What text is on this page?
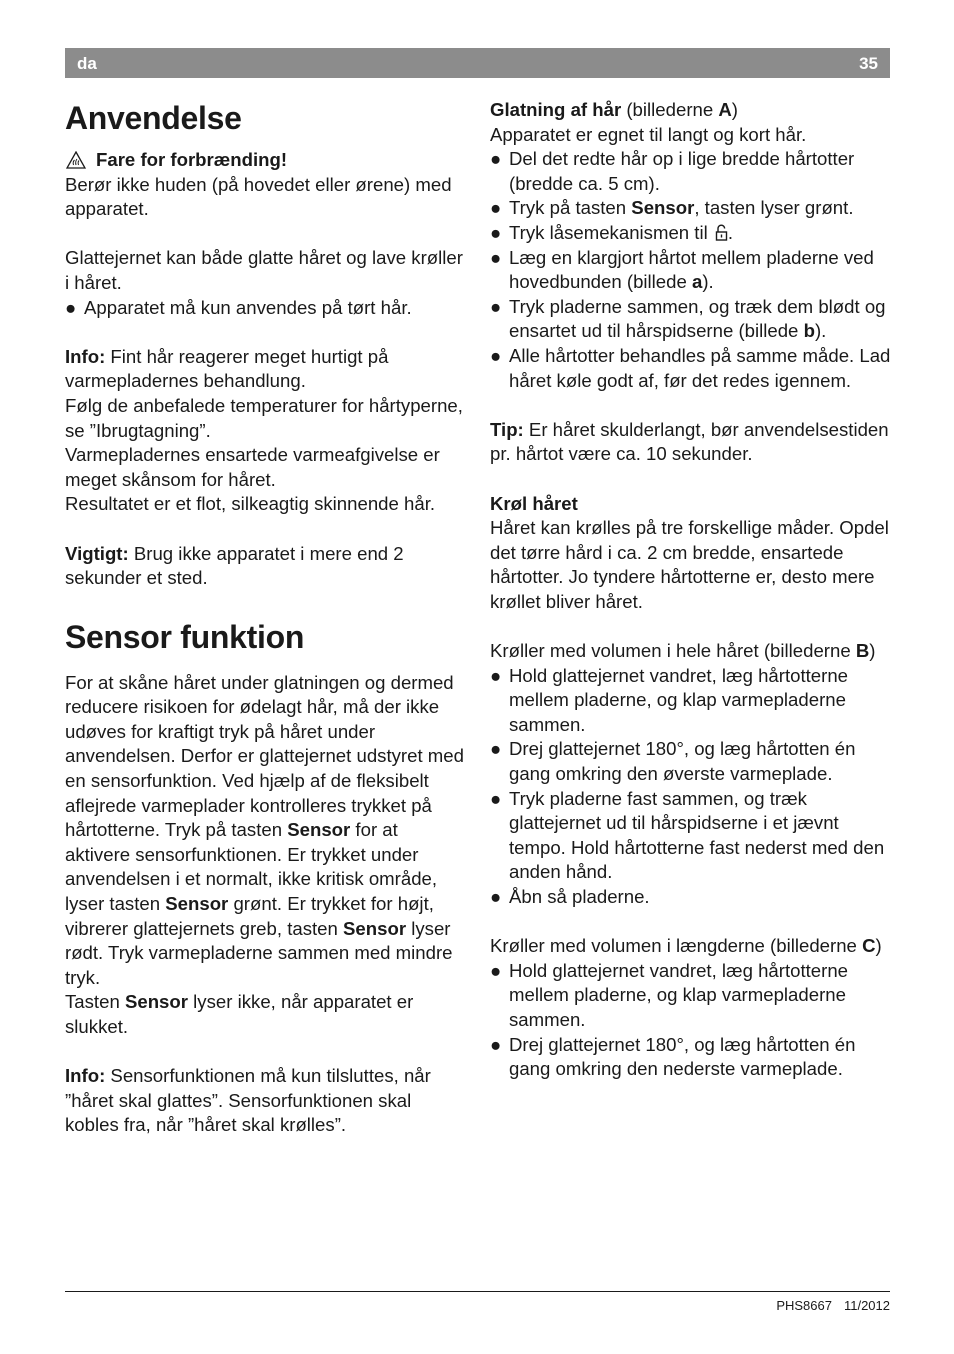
da	35
Anvendelse
Fare for forbrænding!

Berør ikke huden (på hovedet eller ørene) med apparatet.

Glattejernet kan både glatte håret og lave krøller i håret.

● Apparatet må kun anvendes på tørt hår.

Info: Fint hår reagerer meget hurtigt på varmepladernes behandlung.

Følg de anbefalede temperaturer for hårtyperne, se ”Ibrugtagning”.

Varmepladernes ensartede varmeafgivelse er meget skånsom for håret.

Resultatet er et flot, silkeagtig skinnende hår.

Vigtigt: Brug ikke apparatet i mere end 2 sekunder et sted.

Sensor funktion

For at skåne håret under glatningen og dermed reducere risikoen for ødelagt hår, må der ikke udøves for kraftigt tryk på håret under anvendelsen. Derfor er glattejernet udstyret med en sensorfunktion. Ved hjælp af de fleksibelt aflejrede varmeplader kontrolleres trykket på hårtotterne. Tryk på tasten Sensor for at aktivere sensorfunktionen. Er trykket under anvendelsen i et normalt, ikke kritisk område, lyser tasten Sensor grønt. Er trykket for højt, vibrerer glattejernets greb, tasten Sensor lyser rødt. Tryk varmepladerne sammen med mindre tryk.

Tasten Sensor lyser ikke, når apparatet er slukket.

Info: Sensorfunktionen må kun tilsluttes, når ”håret skal glattes”. Sensorfunktionen skal kobles fra, når ”håret skal krølles”.

Glatning af hår (billederne A)

Apparatet er egnet til langt og kort hår.

● Del det redte hår op i lige bredde hårtotter (bredde ca. 5 cm).
● Tryk på tasten Sensor, tasten lyser grønt.
● Tryk låsemekanismen til .
● Læg en klargjort hårtot mellem pladerne ved hovedbunden (billede a).
● Tryk pladerne sammen, og træk dem blødt og ensartet ud til hårspidserne (billede b).
● Alle hårtotter behandles på samme måde. Lad håret køle godt af, før det redes igennem.

Tip: Er håret skulderlangt, bør anvendelsestiden pr. hårtot være ca. 10 sekunder.

Krøl håret

Håret kan krølles på tre forskellige måder. Opdel det tørre hård i ca. 2 cm bredde, ensartede hårtotter. Jo tyndere hårtotterne er, desto mere krøllet bliver håret.

Krøller med volumen i hele håret (billederne B)

● Hold glattejernet vandret, læg hårtotterne mellem pladerne, og klap varmepladerne sammen.
● Drej glattejernet 180°, og læg hårtotten én gang omkring den øverste varmeplade.
● Tryk pladerne fast sammen, og træk glattejernet ud til hårspidserne i et jævnt tempo. Hold hårtotterne fast nederst med den anden hånd.
● Åbn så pladerne.

Krøller med volumen i længderne (billederne C)

● Hold glattejernet vandret, læg hårtotterne mellem pladerne, og klap varmepladerne sammen.
● Drej glattejernet 180°, og læg hårtotten én gang omkring den nederste varmeplade.
PHS8667 11/2012
